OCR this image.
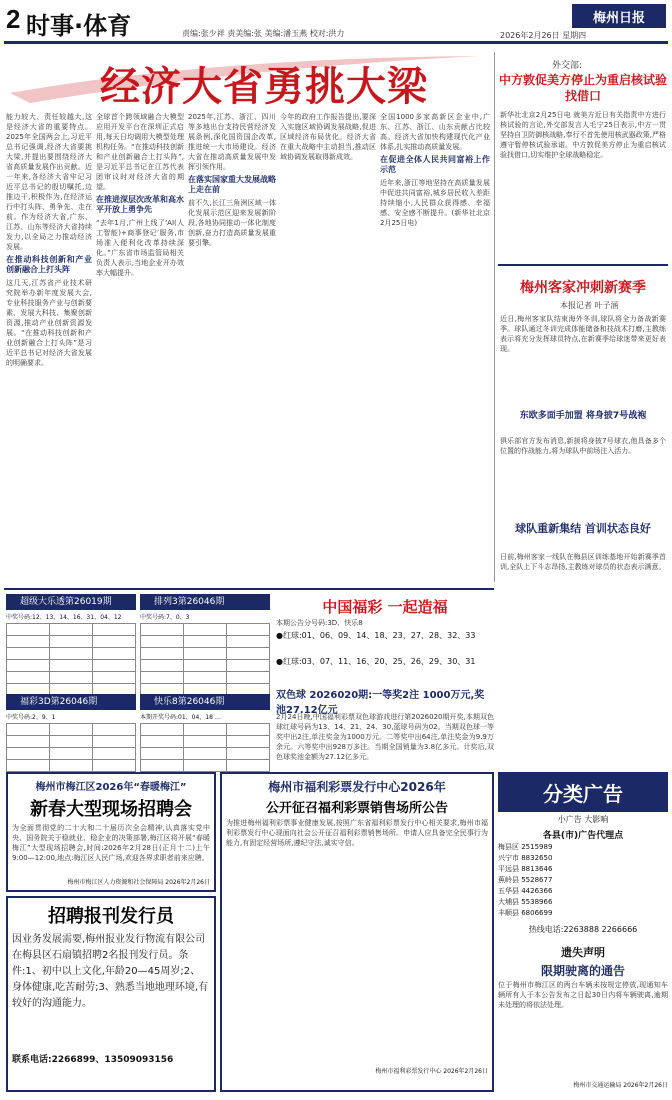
2 时事·体育	责编:张少祥 责美编:张 美编:潘玉燕 校对:洪力
梅州日报
2026年2月26日 星期四
经济大省勇挑大梁

能力较大、责任较越大,这是经济大省的重要特点。2025年全国两会上,习近平总书记强调,经济大省要挑大梁,并提出要围绕经济大省高质量发展作出贡献。近一年来,各经济大省牢记习近平总书记的殷切嘱托,边推边干,积极作为,在经济运行中打头阵、勇争先、走在前。作为经济大省,广东、江苏、山东等经济大省持续发力,以全局之力推动经济发展。

在推动科技创新和产业创新融合上打头阵

这几天,江苏省产业技术研究院举办新年度发展大会,专业科技服务产业与创新要素、发展大科技、集聚创新资源,推动产业创新资源发展。“在推动科技创新和产业创新融合上打头阵”是习近平总书记对经济大省发展的明确要求。

全球首个跨领域融合大模型应用开发平台在深圳正式启用,每天日均调用大模型处理机构任务。“在推动科技创新和产业创新融合上打头阵”,是习近平总书记在江苏代表团审议时对经济大省的期望。

在推进深层次改革和高水平开放上勇争先

“去年1月,广州上线了‘AI(人工智能)+商事登记’服务,市场准入便利化改革持续深化。”广东省市场监管局相关负责人表示,当地企业开办效率大幅提升。

2025年,江苏、浙江、四川等多地出台支持民营经济发展条例,深化国资国企改革,推进统一大市场建设。经济大省在推动高质量发展中发挥引领作用。

在落实国家重大发展战略上走在前

前不久,长江三角洲区域一体化发展示范区迎来发展新阶段,各地协同推动一体化制度创新,奋力打造高质量发展重要引擎。

今年的政府工作报告提出,要深入实施区域协调发展战略,促进区域经济布局优化。经济大省在重大战略中主动担当,推动区域协调发展取得新成效。

全国1000多家高新区企业中,广东、江苏、浙江、山东贡献占比较高。经济大省加快构建现代化产业体系,扎实推动高质量发展。

在促进全体人民共同富裕上作示范

近年来,浙江等地坚持在高质量发展中促进共同富裕,城乡居民收入差距持续缩小,人民群众获得感、幸福感、安全感不断提升。(新华社北京2月25日电)

外交部:
中方敦促美方停止为重启核试验找借口
新华社北京2月25日电 就美方近日有关指责中方进行核试验的言论,外交部发言人毛宁25日表示,中方一贯坚持自卫防御核战略,奉行不首先使用核武器政策,严格遵守暂停核试验承诺。中方敦促美方停止为重启核试验找借口,切实维护全球战略稳定。
梅州客家冲刺新赛季
本报记者 叶子涵
近日,梅州客家队结束海外冬训,球队将全力备战新赛季。球队通过冬训完成体能储备和技战术打磨,主教练表示将充分发挥球员特点,在新赛季给球迷带来更好表现。
东欧多面手加盟 将身披7号战袍
俱乐部官方发布消息,新援将身披7号球衣,他具备多个位置的作战能力,将为球队中前场注入活力。
球队重新集结 首训状态良好
日前,梅州客家一线队在梅县区训练基地开始新赛季首训,全队上下斗志昂扬,主教练对球员的状态表示满意。
超级大乐透第26019期
中奖号码:12、13、14、16、31、04、12

排列3第26046期
中奖号码:7、0、3

福彩3D第26046期
中奖号码:2、9、1

快乐8第26046期
本期开奖号码:01、04、18 …

中国福彩 一起造福
本期公告分号码:3D、快乐8
●红球:01、06、09、14、18、23、27、28、32、33
●红球:03、07、11、16、20、25、26、29、30、31
双色球 2026020期:一等奖2注 1000万元,奖池27.12亿元
2月24日晚,中国福利彩票双色球游戏进行第2026020期开奖,本期双色球红球号码为13、14、21、24、30,蓝球号码为02。当期双色球一等奖中出2注,单注奖金为1000万元。二等奖中出64注,单注奖金为9.9万余元。六等奖中出928万多注。当期全国销量为3.8亿多元。计奖后,双色球奖池金额为27.12亿多元。
梅州市梅江区2026年“春暖梅江”
新春大型现场招聘会
为全面贯彻党的二十大和二十届历次全会精神,认真落实党中央、国务院关于稳就业、稳企业的决策部署,梅江区将开展“春暖梅江”大型现场招聘会,时间:2026年2月28日(正月十二)上午9:00—12:00,地点:梅江区人民广场,欢迎各界求职者前来应聘。
梅州市梅江区人力资源和社会保障局 2026年2月26日
梅州市福利彩票发行中心2026年
公开征召福利彩票销售场所公告
为推进梅州福利彩票事业健康发展,按照广东省福利彩票发行中心相关要求,梅州市福利彩票发行中心现面向社会公开征召福利彩票销售场所。申请人应具备完全民事行为能力,有固定经营场所,遵纪守法,诚实守信。
梅州市福利彩票发行中心 2026年2月26日
招聘报刊发行员
因业务发展需要,梅州报业发行物流有限公司在梅县区石扇镇招聘2名报刊发行员。条件:1、初中以上文化,年龄20—45周岁;2、身体健康,吃苦耐劳;3、熟悉当地地理环境,有较好的沟通能力。
联系电话:2266899、13509093156
分类广告
小广告 大影响
各县(市)广告代理点
梅县区 2515989
兴宁市 8832650
平远县 8813646
蕉岭县 5528677
五华县 4426366
大埔县 5538966
丰顺县 6806699
热线电话:2263888 2266666
遗失声明
限期驶离的通告
位于梅州市梅江区的两台车辆未按规定停放,现通知车辆所有人于本公告发布之日起30日内将车辆驶离,逾期未处理的将依法处理。
梅州市交通运输局 2026年2月26日
